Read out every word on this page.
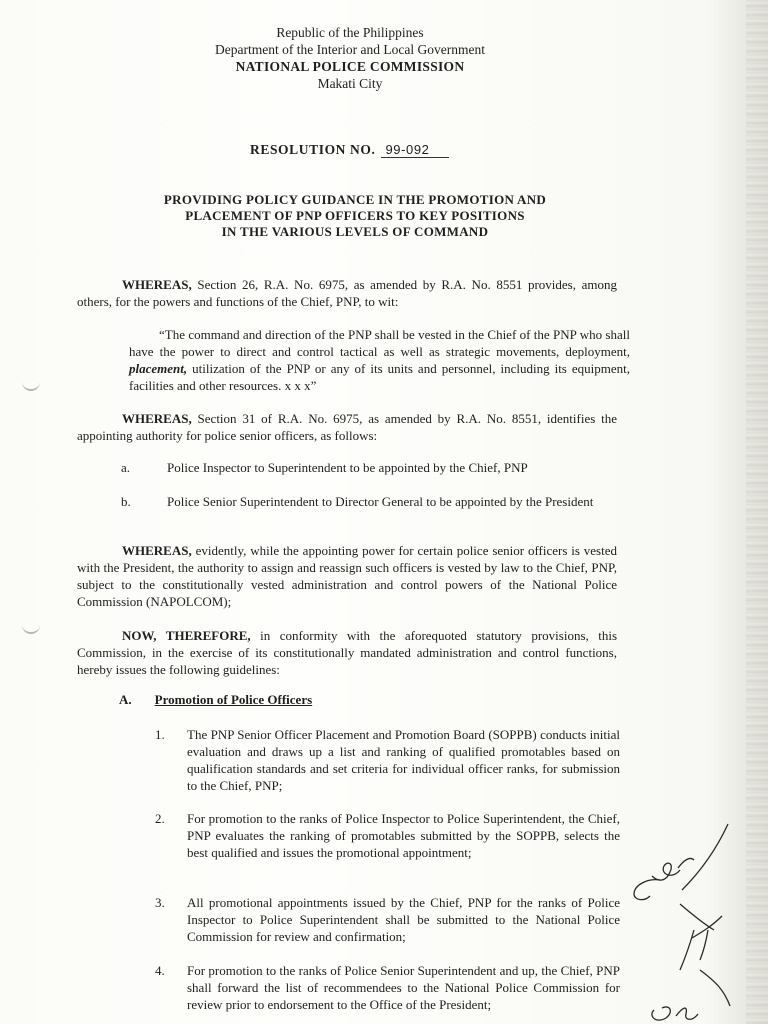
Republic of the Philippines
Department of the Interior and Local Government
NATIONAL POLICE COMMISSION
Makati City
RESOLUTION NO. 99-092
PROVIDING POLICY GUIDANCE IN THE PROMOTION AND
PLACEMENT OF PNP OFFICERS TO KEY POSITIONS
IN THE VARIOUS LEVELS OF COMMAND
WHEREAS, Section 26, R.A. No. 6975, as amended by R.A. No. 8551 provides, among others, for the powers and functions of the Chief, PNP, to wit:
“The command and direction of the PNP shall be vested in the Chief of the PNP who shall have the power to direct and control tactical as well as strategic movements, deployment, placement, utilization of the PNP or any of its units and personnel, including its equipment, facilities and other resources. x x x”
WHEREAS, Section 31 of R.A. No. 6975, as amended by R.A. No. 8551, identifies the appointing authority for police senior officers, as follows:
a.	Police Inspector to Superintendent to be appointed by the Chief, PNP
b.	Police Senior Superintendent to Director General to be appointed by the President
WHEREAS, evidently, while the appointing power for certain police senior officers is vested with the President, the authority to assign and reassign such officers is vested by law to the Chief, PNP, subject to the constitutionally vested administration and control powers of the National Police Commission (NAPOLCOM);
NOW, THEREFORE, in conformity with the aforequoted statutory provisions, this Commission, in the exercise of its constitutionally mandated administration and control functions, hereby issues the following guidelines:
A. Promotion of Police Officers
1. The PNP Senior Officer Placement and Promotion Board (SOPPB) conducts initial evaluation and draws up a list and ranking of qualified promotables based on qualification standards and set criteria for individual officer ranks, for submission to the Chief, PNP;
2. For promotion to the ranks of Police Inspector to Police Superintendent, the Chief, PNP evaluates the ranking of promotables submitted by the SOPPB, selects the best qualified and issues the promotional appointment;
3. All promotional appointments issued by the Chief, PNP for the ranks of Police Inspector to Police Superintendent shall be submitted to the National Police Commission for review and confirmation;
4. For promotion to the ranks of Police Senior Superintendent and up, the Chief, PNP shall forward the list of recommendees to the National Police Commission for review prior to endorsement to the Office of the President;
